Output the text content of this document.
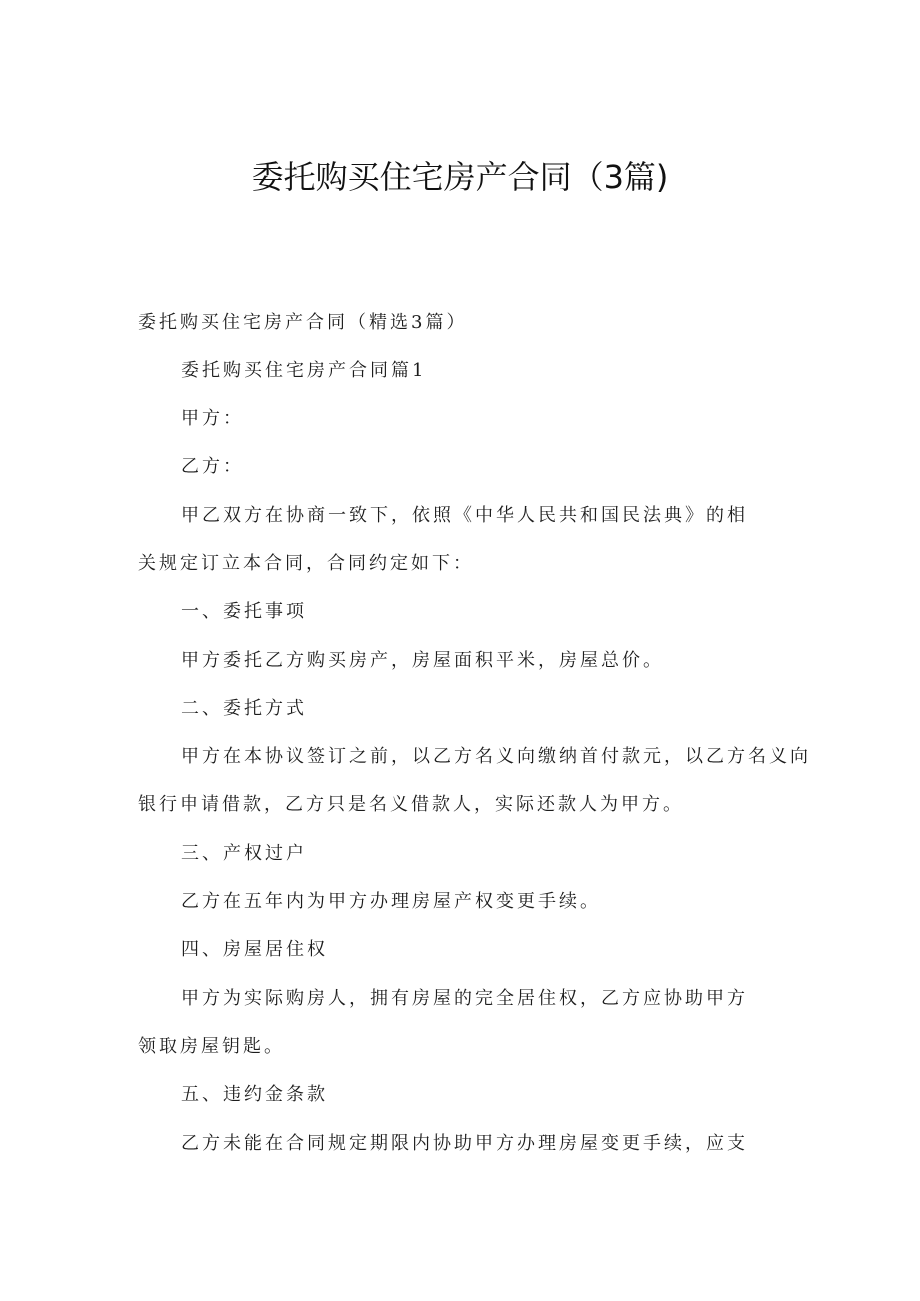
委托购买住宅房产合同（3篇)
委托购买住宅房产合同（精选3篇）
委托购买住宅房产合同篇1
甲方：
乙方：
甲乙双方在协商一致下，依照《中华人民共和国民法典》的相
关规定订立本合同，合同约定如下：
一、委托事项
甲方委托乙方购买房产，房屋面积平米，房屋总价。
二、委托方式
甲方在本协议签订之前，以乙方名义向缴纳首付款元，以乙方名义向
银行申请借款，乙方只是名义借款人，实际还款人为甲方。
三、产权过户
乙方在五年内为甲方办理房屋产权变更手续。
四、房屋居住权
甲方为实际购房人，拥有房屋的完全居住权，乙方应协助甲方
领取房屋钥匙。
五、违约金条款
乙方未能在合同规定期限内协助甲方办理房屋变更手续，应支
